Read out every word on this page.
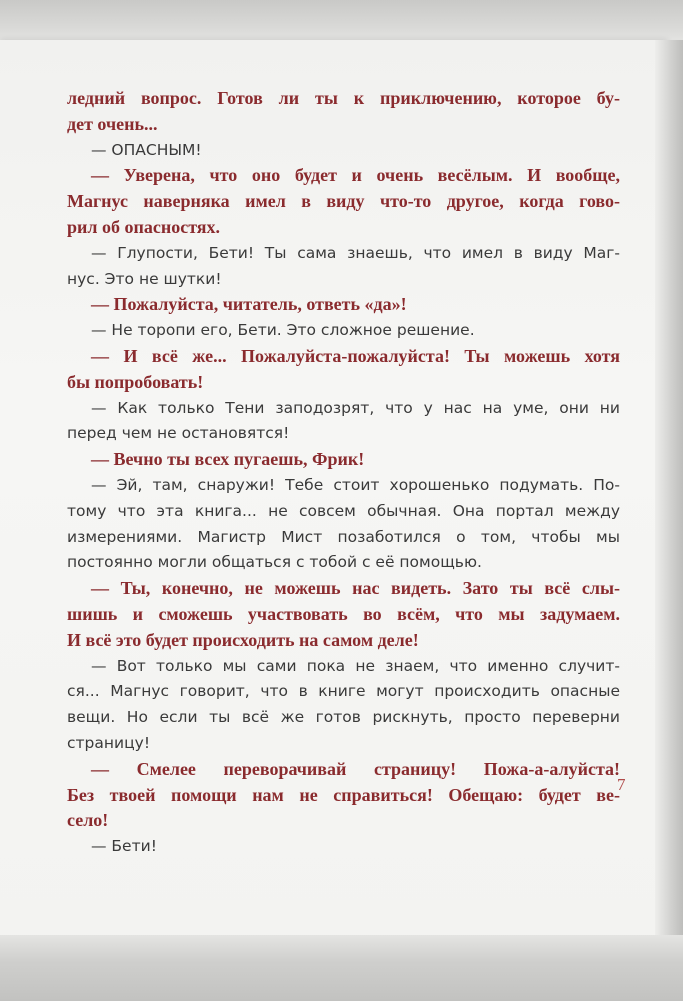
ледний вопрос. Готов ли ты к приключению, которое бу-
дет очень...
— ОПАСНЫМ!
— Уверена, что оно будет и очень весёлым. И вообще,
Магнус наверняка имел в виду что-то другое, когда гово-
рил об опасностях.
— Глупости, Бети! Ты сама знаешь, что имел в виду Маг-
нус. Это не шутки!
— Пожалуйста, читатель, ответь «да»!
— Не торопи его, Бети. Это сложное решение.
— И всё же... Пожалуйста-пожалуйста! Ты можешь хотя
бы попробовать!
— Как только Тени заподозрят, что у нас на уме, они ни
перед чем не остановятся!
— Вечно ты всех пугаешь, Фрик!
— Эй, там, снаружи! Тебе стоит хорошенько подумать. По-
тому что эта книга... не совсем обычная. Она портал между
измерениями. Магистр Мист позаботился о том, чтобы мы
постоянно могли общаться с тобой с её помощью.
— Ты, конечно, не можешь нас видеть. Зато ты всё слы-
шишь и сможешь участвовать во всём, что мы задумаем.
И всё это будет происходить на самом деле!
— Вот только мы сами пока не знаем, что именно случит-
ся... Магнус говорит, что в книге могут происходить опасные
вещи. Но если ты всё же готов рискнуть, просто переверни
страницу!
— Смелее переворачивай страницу! Пожа-а-алуйста!
Без твоей помощи нам не справиться! Обещаю: будет ве-
село!
— Бети!
7
